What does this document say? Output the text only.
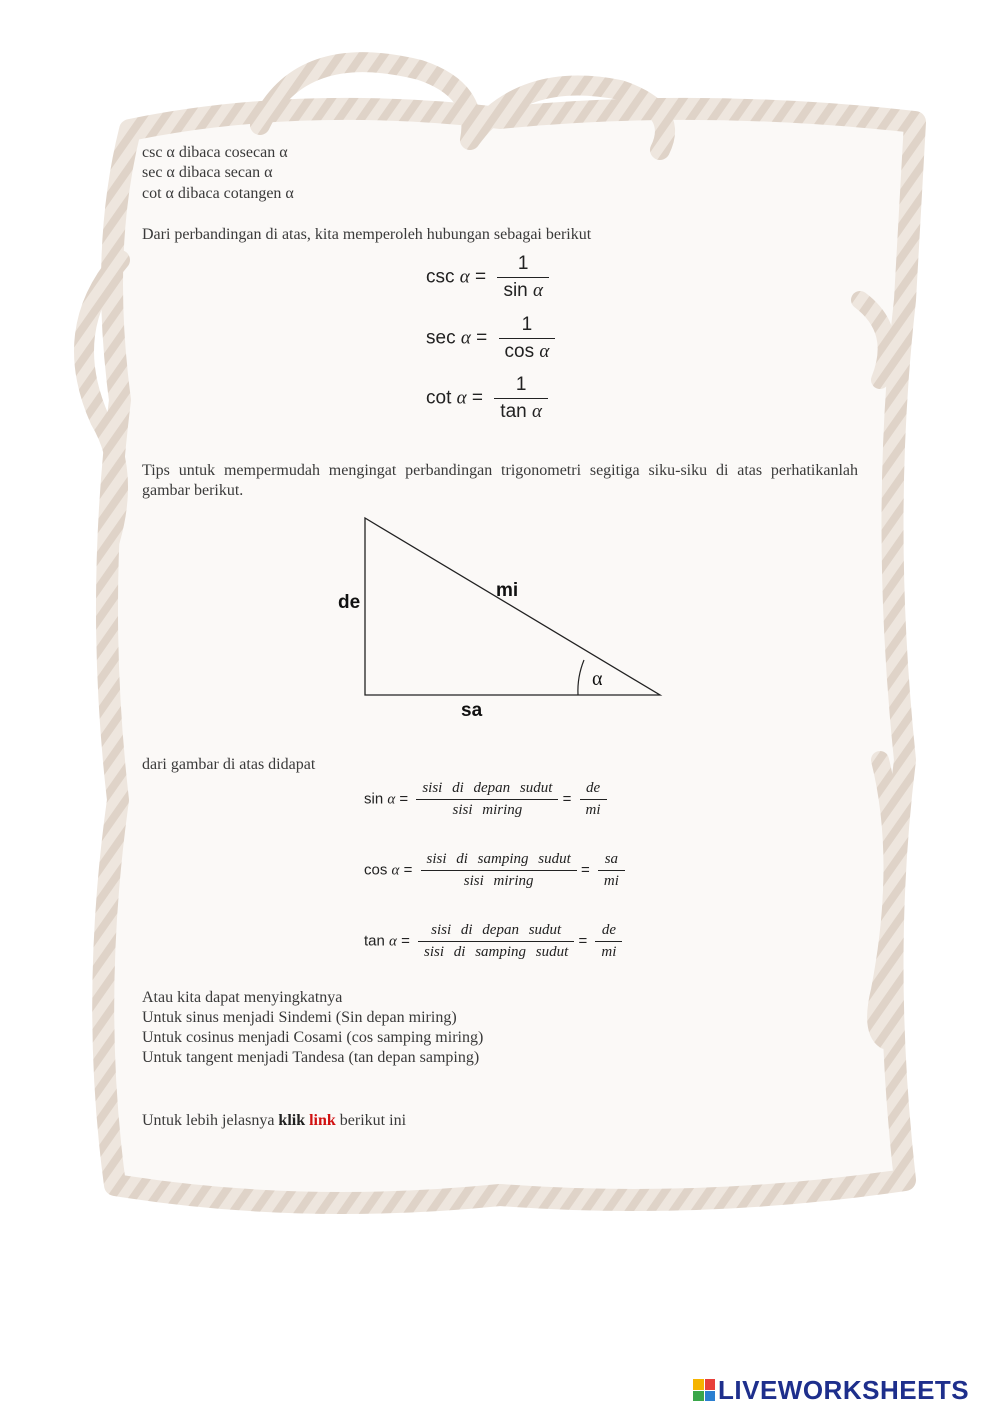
csc α dibaca cosecan α
sec α dibaca secan α
cot α dibaca cotangen α
Dari perbandingan di atas, kita memperoleh hubungan sebagai berikut
$\csc \alpha = \frac{1}{\text{sin α}}$
$\sec \alpha = \frac{1}{\text{cos α}}$
$\cot \alpha = \frac{1}{\text{tan α}}$
Tips untuk mempermudah mengingat perbandingan trigonometri segitiga siku-siku di atas perhatikanlah gambar berikut.
de
mi
sa
α
dari gambar di atas didapat
$\sin \alpha = \frac{\text{sisi di depan sudut}}{\text{sisi miring}} = \frac{de}{mi}$
$\cos \alpha = \frac{\text{sisi di samping sudut}}{\text{sisi miring}} = \frac{sa}{mi}$
$\tan \alpha = \frac{\text{sisi di depan sudut}}{\text{sisi di samping sudut}} = \frac{de}{mi}$
Atau kita dapat menyingkatnya
Untuk sinus menjadi Sindemi (Sin depan miring)
Untuk cosinus menjadi Cosami (cos samping miring)
Untuk tangent menjadi Tandesa (tan depan samping)
Untuk lebih jelasnya klik link berikut ini
LIVEWORKSHEETS
